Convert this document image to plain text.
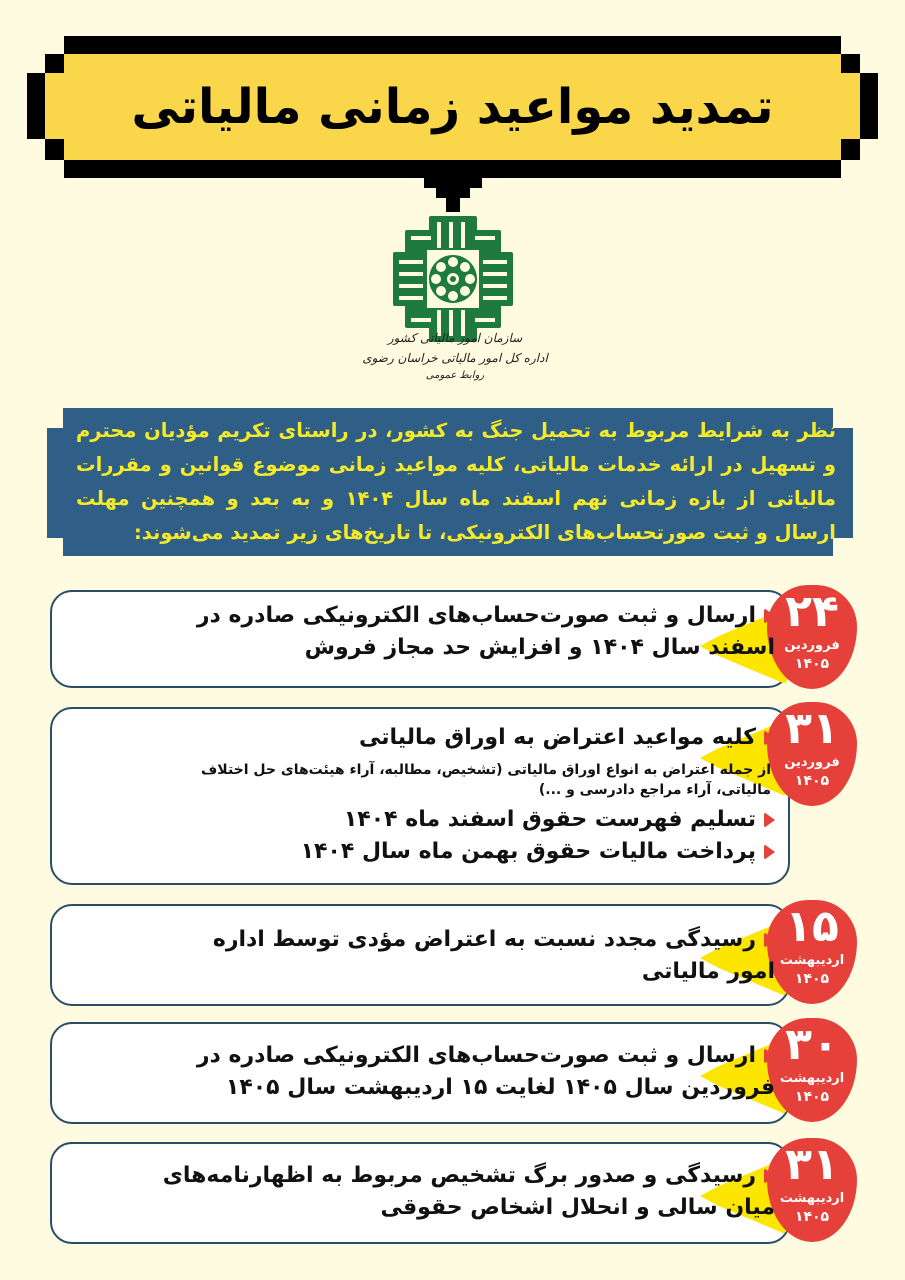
تمدید مواعید زمانی مالیاتی
سازمان امور مالیاتی کشور
اداره کل امور مالیاتی خراسان رضوی
روابط عمومی
نظر به شرایط مربوط به تحمیل جنگ به کشور، در راستای تکریم مؤدیان محترم و تسهیل در ارائه خدمات مالیاتی، کلیه مواعید زمانی موضوع قوانین و مقررات مالیاتی از بازه زمانی نهم اسفند ماه سال ۱۴۰۴ و به بعد و همچنین مهلت ارسال و ثبت صورتحساب‌های الکترونیکی، تا تاریخ‌های زیر تمدید می‌شوند:
۲۴
فروردین
۱۴۰۵
ارسال و ثبت صورت‌حساب‌های الکترونیکی صادره در
اسفند سال ۱۴۰۴ و افزایش حد مجاز فروش
۳۱
فروردین
۱۴۰۵
کلیه مواعید اعتراض به اوراق مالیاتی
از جمله اعتراض به انواع اوراق مالیاتی (تشخیص، مطالبه، آراء هیئت‌های حل اختلاف
مالیاتی، آراء مراجع دادرسی و ...)
تسلیم فهرست حقوق اسفند ماه ۱۴۰۴
پرداخت مالیات حقوق بهمن ماه سال ۱۴۰۴
۱۵
اردیبهشت
۱۴۰۵
رسیدگی مجدد نسبت به اعتراض مؤدی توسط اداره
امور مالیاتی
۳۰
اردیبهشت
۱۴۰۵
ارسال و ثبت صورت‌حساب‌های الکترونیکی صادره در
فروردین سال ۱۴۰۵ لغایت ۱۵ اردیبهشت سال ۱۴۰۵
۳۱
اردیبهشت
۱۴۰۵
رسیدگی و صدور برگ تشخیص مربوط به اظهارنامه‌های
میان سالی و انحلال اشخاص حقوقی
